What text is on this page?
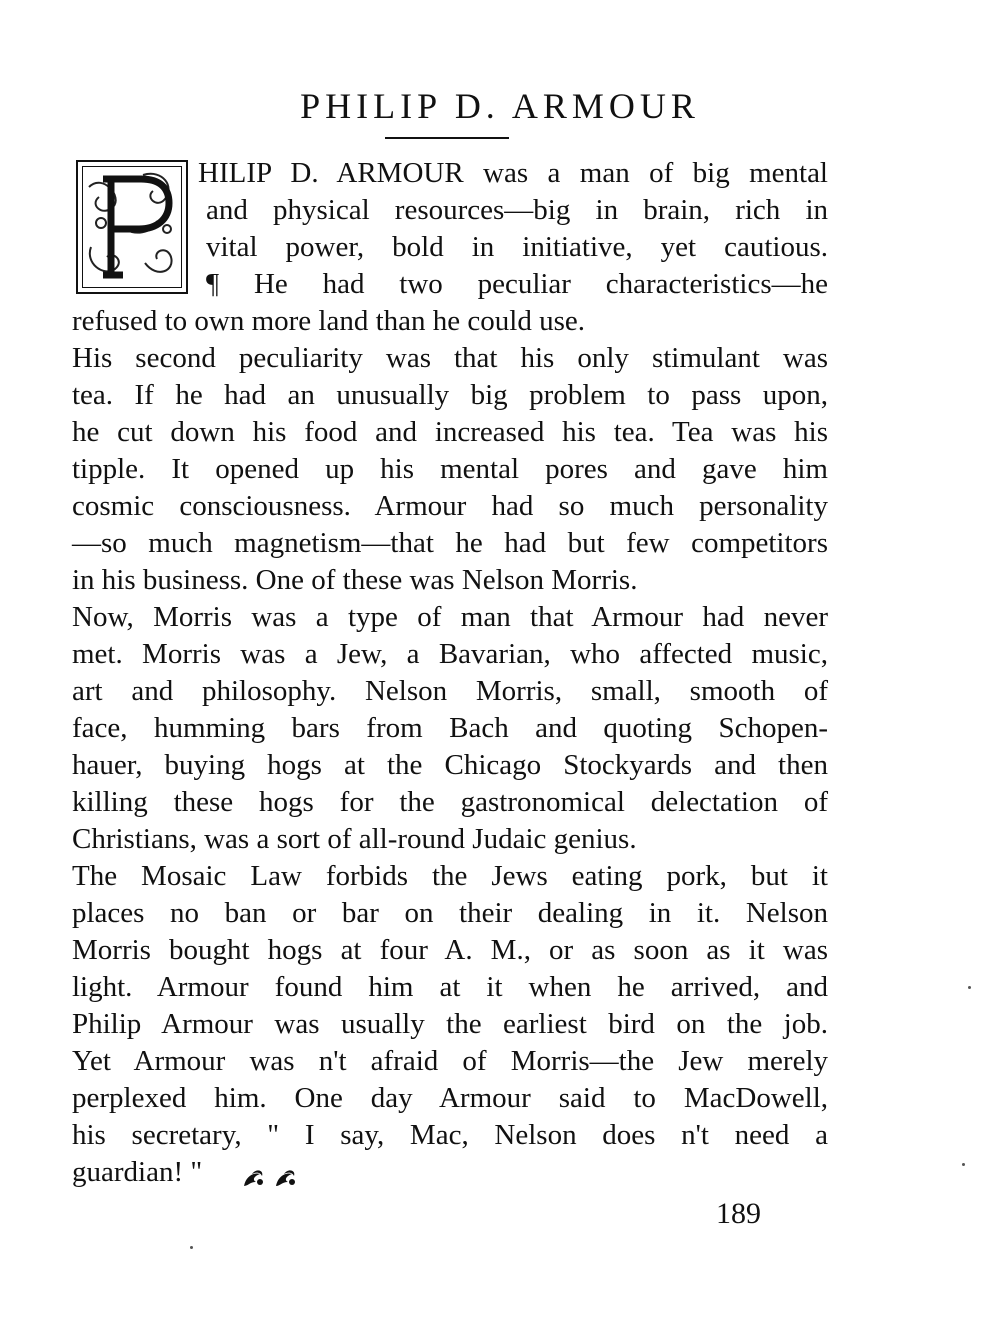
PHILIP D. ARMOUR
HILIP D. ARMOUR was a man of big mental
and physical resources—big in brain, rich in
vital power, bold in initiative, yet cautious.
¶ He had two peculiar characteristics—he
refused to own more land than he could use.
His second peculiarity was that his only stimulant was
tea. If he had an unusually big problem to pass upon,
he cut down his food and increased his tea. Tea was his
tipple. It opened up his mental pores and gave him
cosmic consciousness. Armour had so much personality
—so much magnetism—that he had but few competitors
in his business. One of these was Nelson Morris.
Now, Morris was a type of man that Armour had never
met. Morris was a Jew, a Bavarian, who affected music,
art and philosophy. Nelson Morris, small, smooth of
face, humming bars from Bach and quoting Schopen-
hauer, buying hogs at the Chicago Stockyards and then
killing these hogs for the gastronomical delectation of
Christians, was a sort of all-round Judaic genius.
The Mosaic Law forbids the Jews eating pork, but it
places no ban or bar on their dealing in it. Nelson
Morris bought hogs at four A. M., or as soon as it was
light. Armour found him at it when he arrived, and
Philip Armour was usually the earliest bird on the job.
Yet Armour was n't afraid of Morris—the Jew merely
perplexed him. One day Armour said to MacDowell,
his secretary, " I say, Mac, Nelson does n't need a
guardian! "
189
